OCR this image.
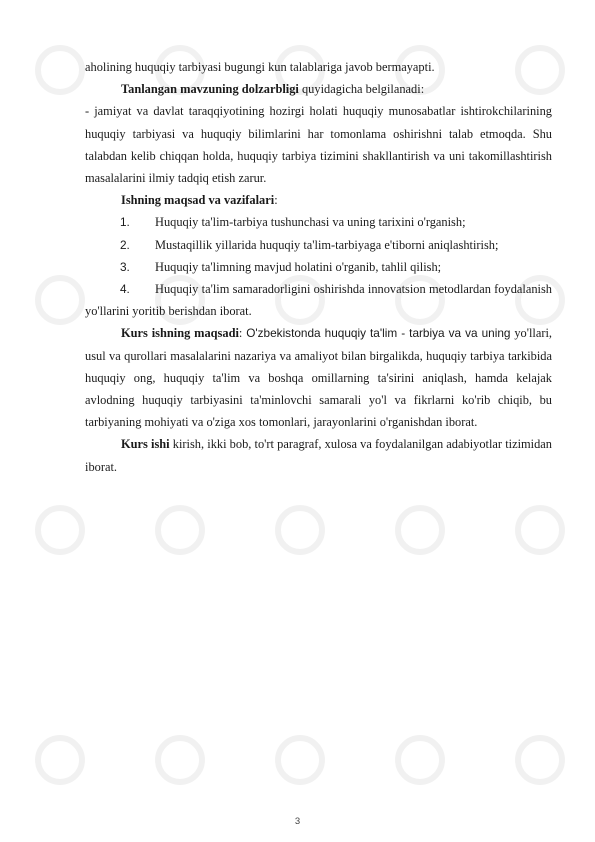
aholining huquqiy tarbiyasi bugungi kun talablariga javob bermayapti.

Tanlangan mavzuning dolzarbligi quyidagicha belgilanadi:

- jamiyat va davlat taraqqiyotining hozirgi holati huquqiy munosabatlar ishtirokchilarining huquqiy tarbiyasi va huquqiy bilimlarini har tomonlama oshirishni talab etmoqda. Shu talabdan kelib chiqqan holda, huquqiy tarbiya tizimini shakllantirish va uni takomillashtirish masalalarini ilmiy tadqiq etish zarur.

Ishning maqsad va vazifalari:

1.	Huquqiy ta'lim-tarbiya tushunchasi va uning tarixini o'rganish;
2.	Mustaqillik yillarida huquqiy ta'lim-tarbiyaga e'tiborni aniqlashtirish;
3.	Huquqiy ta'limning mavjud holatini o'rganib, tahlil qilish;

4. Huquqiy ta'lim samaradorligini oshirishda innovatsion metodlardan foydalanish yo'llarini yoritib berishdan iborat.

Kurs ishning maqsadi: O'zbekistonda huquqiy ta'lim - tarbiya va va uning yo'llari, usul va qurollari masalalarini nazariya va amaliyot bilan birgalikda, huquqiy tarbiya tarkibida huquqiy ong, huquqiy ta'lim va boshqa omillarning ta'sirini aniqlash, hamda kelajak avlodning huquqiy tarbiyasini ta'minlovchi samarali yo'l va fikrlarni ko'rib chiqib, bu tarbiyaning mohiyati va o'ziga xos tomonlari, jarayonlarini o'rganishdan iborat.

Kurs ishi kirish, ikki bob, to'rt paragraf, xulosa va foydalanilgan adabiyotlar tizimidan iborat.

3
